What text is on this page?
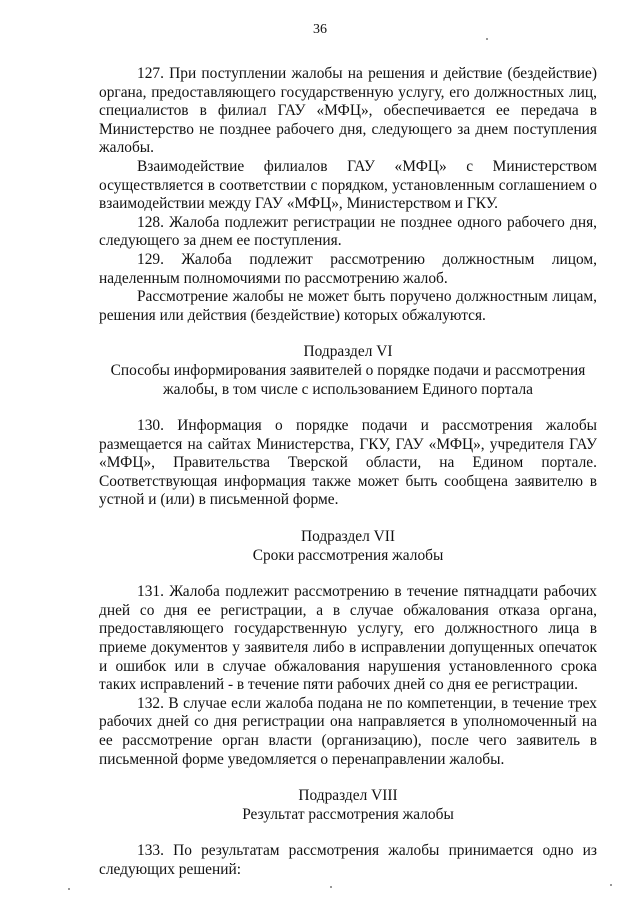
36

127. При поступлении жалобы на решения и действие (бездействие) органа, предоставляющего государственную услугу, его должностных лиц, специалистов в филиал ГАУ «МФЦ», обеспечивается ее передача в Министерство не позднее рабочего дня, следующего за днем поступления жалобы.

Взаимодействие филиалов ГАУ «МФЦ» с Министерством осуществляется в соответствии с порядком, установленным соглашением о взаимодействии между ГАУ «МФЦ», Министерством и ГКУ.

128. Жалоба подлежит регистрации не позднее одного рабочего дня, следующего за днем ее поступления.

129. Жалоба подлежит рассмотрению должностным лицом, наделенным полномочиями по рассмотрению жалоб.

Рассмотрение жалобы не может быть поручено должностным лицам, решения или действия (бездействие) которых обжалуются.

Подраздел VI
Способы информирования заявителей о порядке подачи и рассмотрения жалобы, в том числе с использованием Единого портала

130. Информация о порядке подачи и рассмотрения жалобы размещается на сайтах Министерства, ГКУ, ГАУ «МФЦ», учредителя ГАУ «МФЦ», Правительства Тверской области, на Едином портале. Соответствующая информация также может быть сообщена заявителю в устной и (или) в письменной форме.

Подраздел VII
Сроки рассмотрения жалобы

131. Жалоба подлежит рассмотрению в течение пятнадцати рабочих дней со дня ее регистрации, а в случае обжалования отказа органа, предоставляющего государственную услугу, его должностного лица в приеме документов у заявителя либо в исправлении допущенных опечаток и ошибок или в случае обжалования нарушения установленного срока таких исправлений - в течение пяти рабочих дней со дня ее регистрации.

132. В случае если жалоба подана не по компетенции, в течение трех рабочих дней со дня регистрации она направляется в уполномоченный на ее рассмотрение орган власти (организацию), после чего заявитель в письменной форме уведомляется о перенаправлении жалобы.

Подраздел VIII
Результат рассмотрения жалобы

133. По результатам рассмотрения жалобы принимается одно из следующих решений:
